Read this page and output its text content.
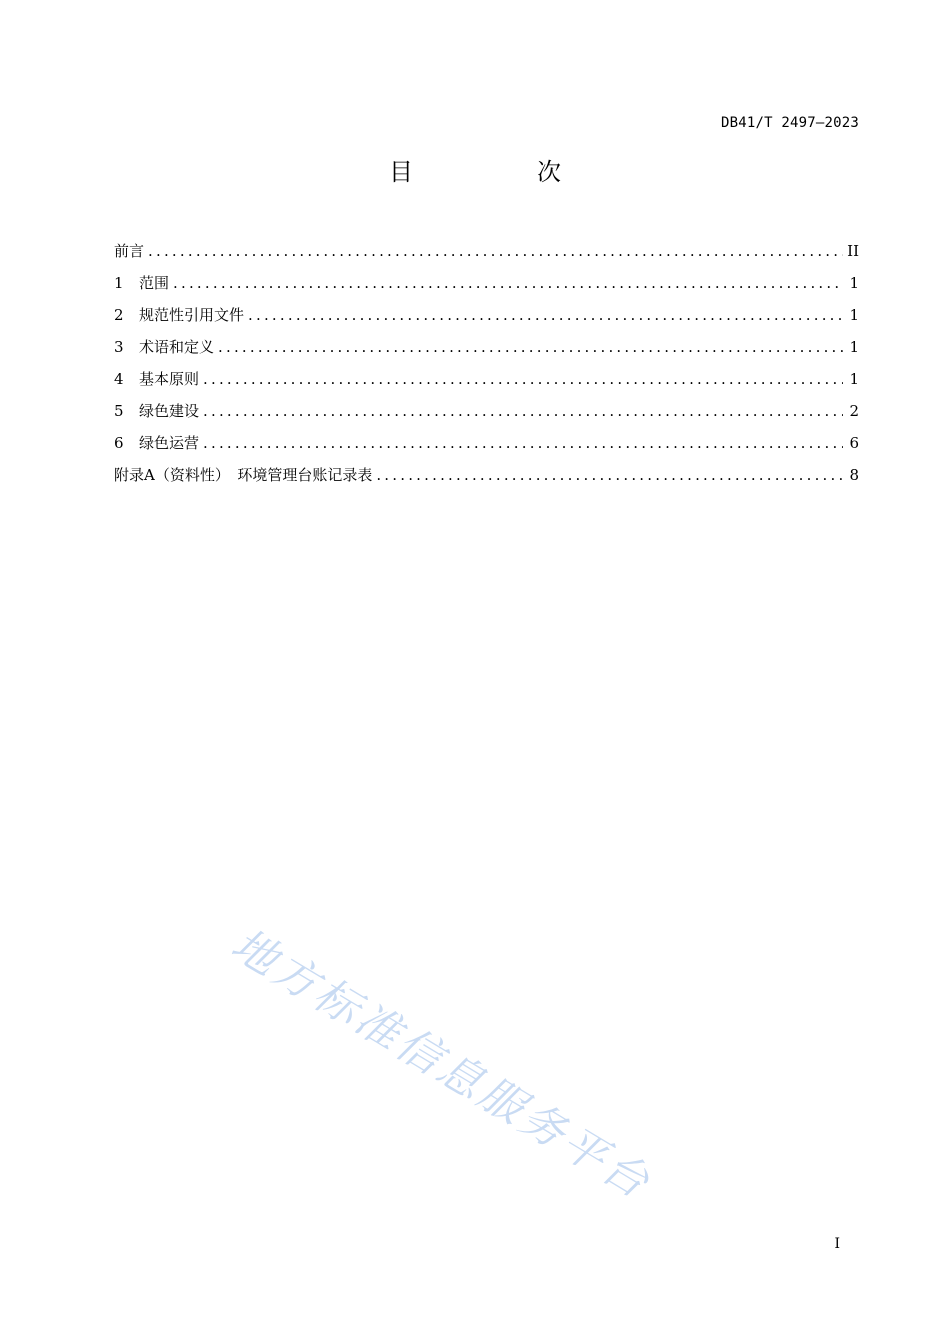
DB41/T 2497—2023
目　次
前言 .....	II
1	范围 .....	1
2	规范性引用文件 .....	1
3	术语和定义 .....	1
4	基本原则 .....	1
5	绿色建设 .....	2
6	绿色运营 .....	6
附录A（资料性）　环境管理台账记录表 .....	8
地方标准信息服务平台
I
